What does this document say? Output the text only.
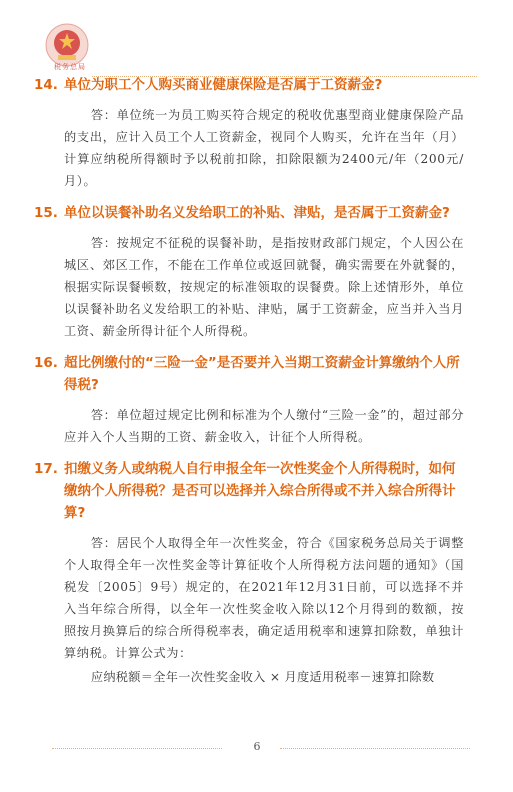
税务总局

14. 单位为职工个人购买商业健康保险是否属于工资薪金?

答：单位统一为员工购买符合规定的税收优惠型商业健康保险产品的支出，应计入员工个人工资薪金，视同个人购买，允许在当年（月）计算应纳税所得额时予以税前扣除，扣除限额为2400元/年（200元/月）。

15. 单位以误餐补助名义发给职工的补贴、津贴，是否属于工资薪金?

答：按规定不征税的误餐补助，是指按财政部门规定，个人因公在城区、郊区工作，不能在工作单位或返回就餐，确实需要在外就餐的，根据实际误餐顿数，按规定的标准领取的误餐费。除上述情形外，单位以误餐补助名义发给职工的补贴、津贴，属于工资薪金，应当并入当月工资、薪金所得计征个人所得税。

16. 超比例缴付的“三险一金”是否要并入当期工资薪金计算缴纳个人所得税?

答：单位超过规定比例和标准为个人缴付“三险一金”的，超过部分应并入个人当期的工资、薪金收入，计征个人所得税。

17. 扣缴义务人或纳税人自行申报全年一次性奖金个人所得税时，如何缴纳个人所得税？是否可以选择并入综合所得或不并入综合所得计算?

答：居民个人取得全年一次性奖金，符合《国家税务总局关于调整个人取得全年一次性奖金等计算征收个人所得税方法问题的通知》（国税发〔2005〕9号）规定的，在2021年12月31日前，可以选择不并入当年综合所得，以全年一次性奖金收入除以12个月得到的数额，按照按月换算后的综合所得税率表，确定适用税率和速算扣除数，单独计算纳税。计算公式为：

应纳税额＝全年一次性奖金收入 × 月度适用税率－速算扣除数

6
